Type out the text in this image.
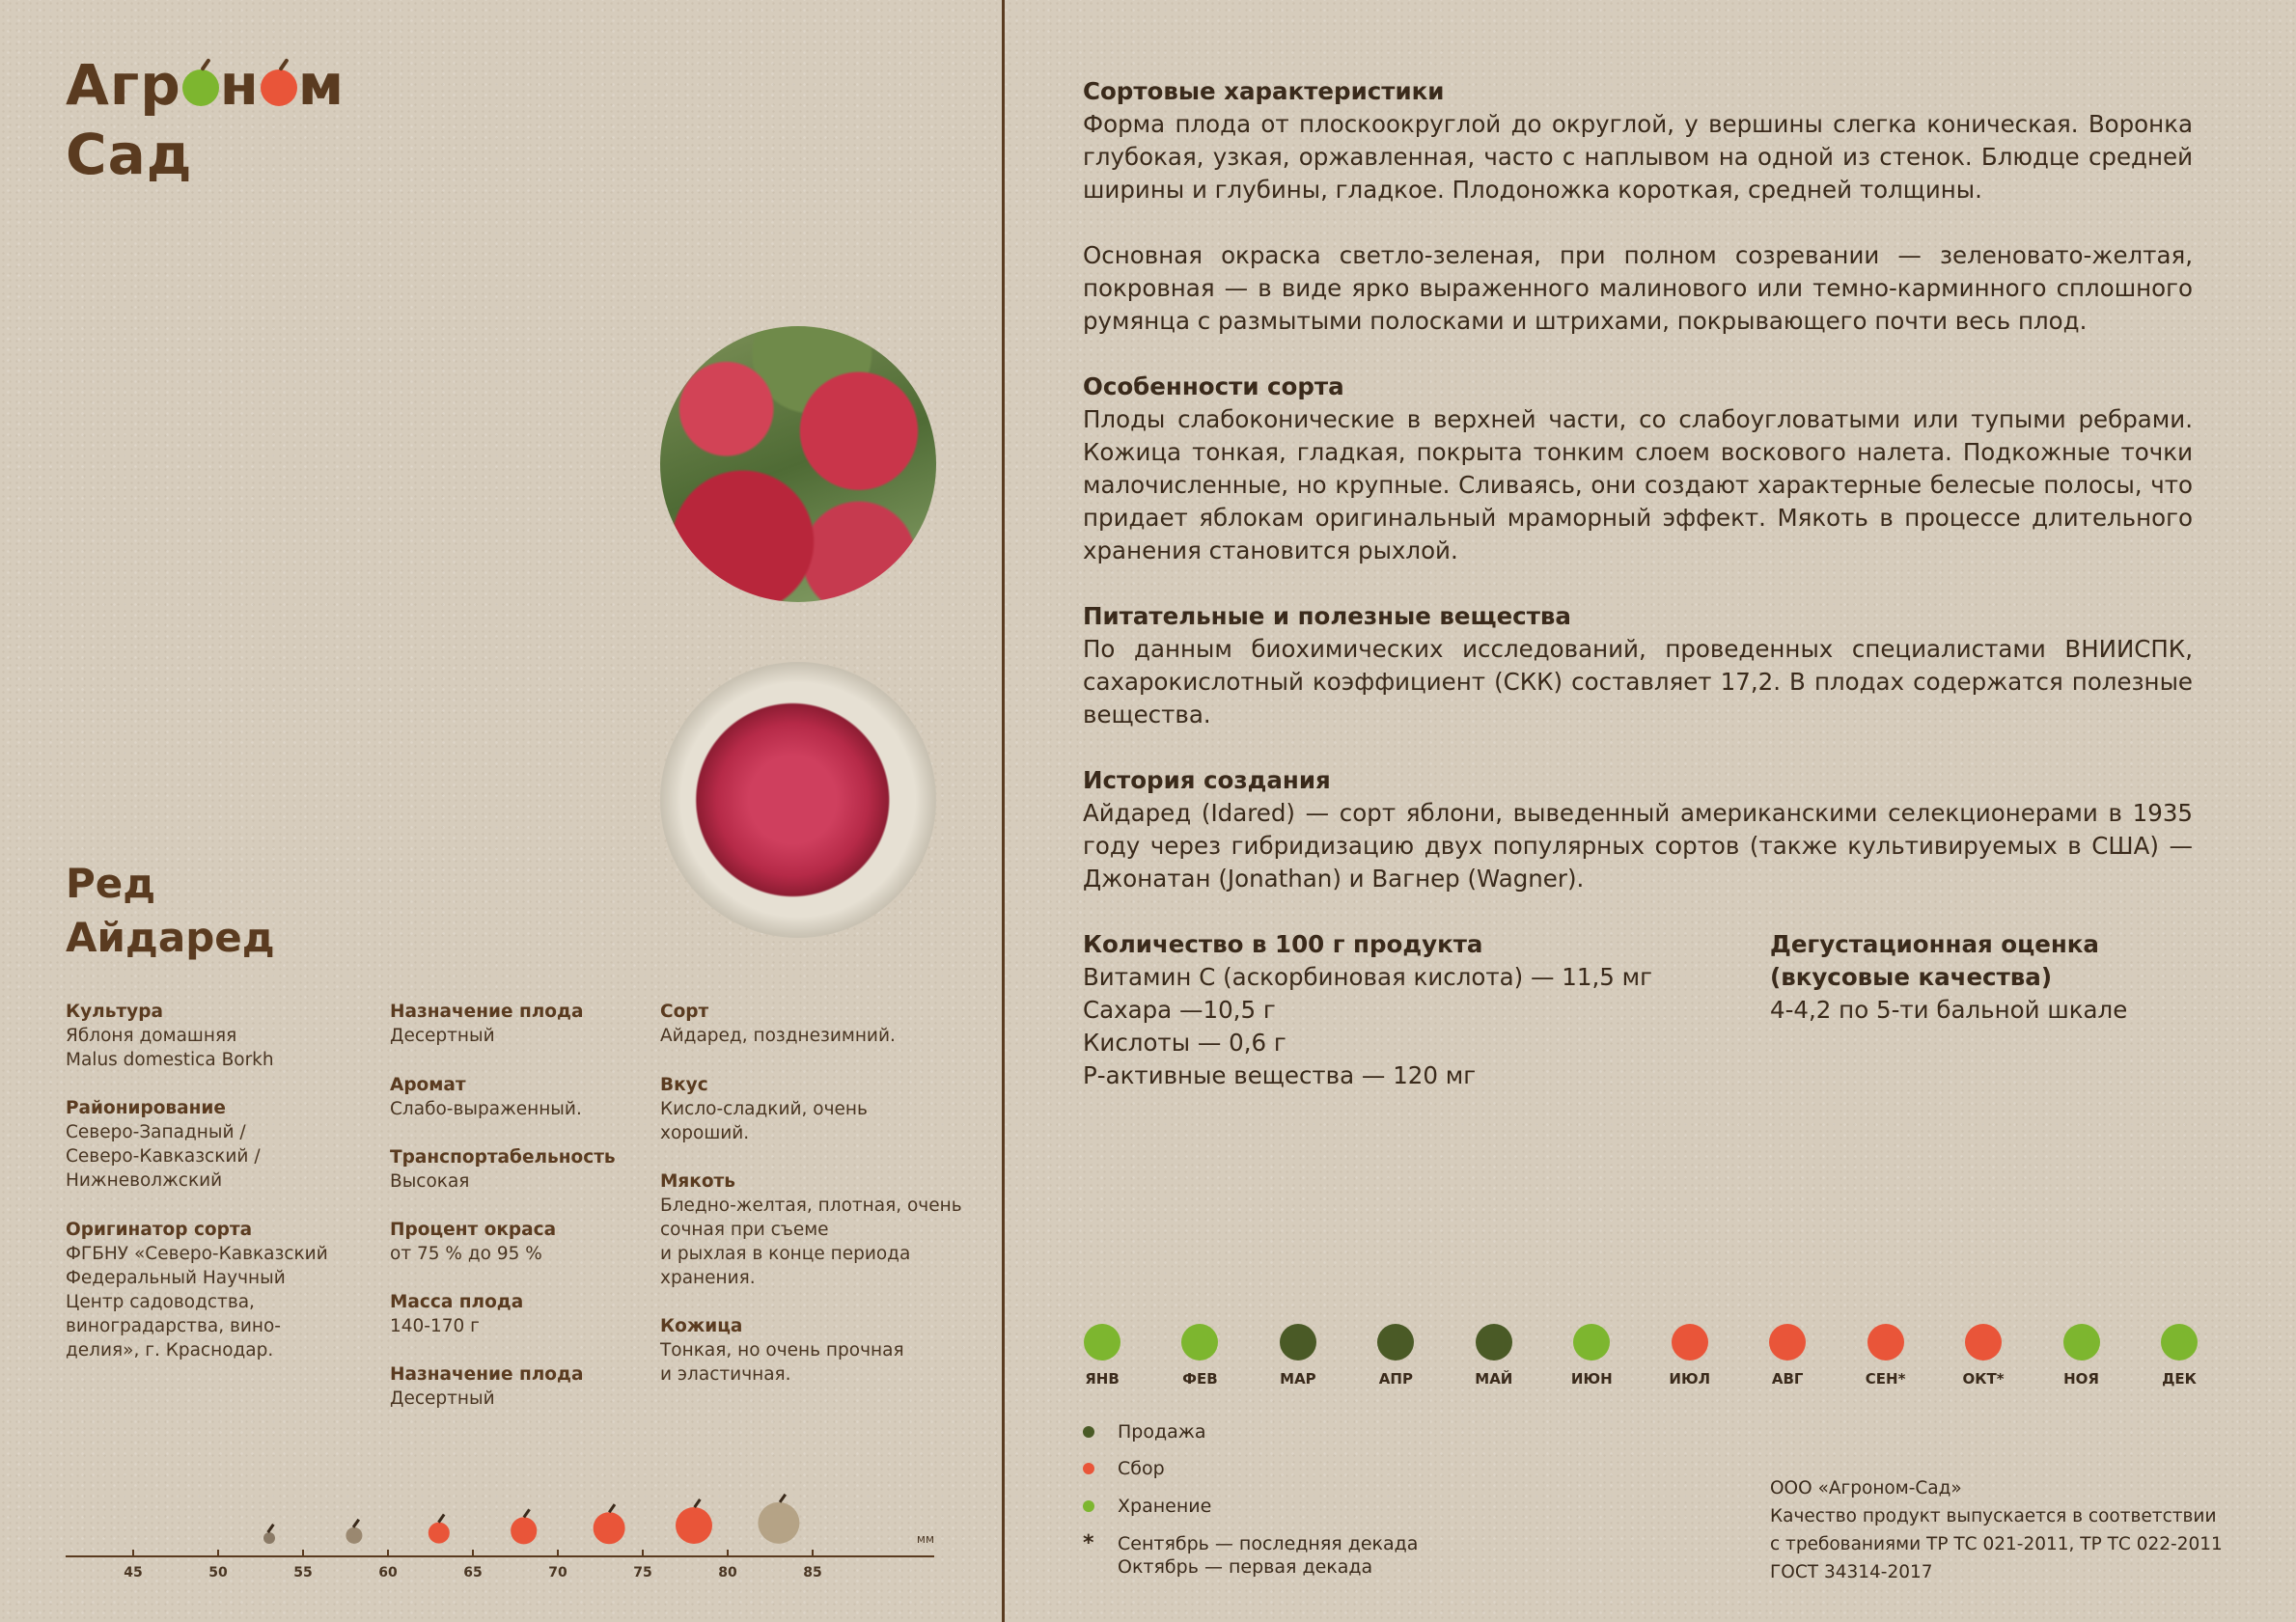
Агр н м
Сад
Ред
Айдаред
Культура
Яблоня домашняя
Malus domestica Borkh
Районирование
Северо-Западный /
Северо-Кавказский /
Нижневолжский
Оригинатор сорта
ФГБНУ «Северо-Кавказский
Федеральный Научный
Центр садоводства,
виноградарства, вино-
делия», г. Краснодар.
Назначение плода
Десертный
Аромат
Слабо-выраженный.
Транспортабельность
Высокая
Процент окраса
от 75 % до 95 %
Масса плода
140-170 г
Назначение плода
Десертный
Сорт
Айдаред, позднезимний.
Вкус
Кисло-сладкий, очень
хороший.
Мякоть
Бледно-желтая, плотная, очень
сочная при съеме
и рыхлая в конце периода
хранения.
Кожица
Тонкая, но очень прочная
и эластичная.
мм
45	50	55	60	65	70	75	80	85
Сортовые характеристики

Форма плода от плоскоокруглой до округлой, у вершины слегка коническая. Воронка глубокая, узкая, оржавленная, часто с наплывом на одной из стенок. Блюдце средней ширины и глубины, гладкое. Плодоножка короткая, средней толщины.

Основная окраска светло-зеленая, при полном созревании — зеленовато-желтая, покровная — в виде ярко выраженного малинового или темно-карминного сплошного румянца с размытыми полосками и штрихами, покрывающего почти весь плод.

Особенности сорта

Плоды слабоконические в верхней части, со слабоугловатыми или тупыми ребрами. Кожица тонкая, гладкая, покрыта тонким слоем воскового налета. Подкожные точки малочисленные, но крупные. Сливаясь, они создают характерные белесые полосы, что придает яблокам оригинальный мраморный эффект. Мякоть в процессе длительного хранения становится рыхлой.

Питательные и полезные вещества

По данным биохимических исследований, проведенных специалистами ВНИИСПК, сахарокислотный коэффициент (СКК) составляет 17,2. В плодах содержатся полезные вещества.

История создания

Айдаред (Idared) — сорт яблони, выведенный американскими селекционерами в 1935 году через гибридизацию двух популярных сортов (также культивируемых в США) — Джонатан (Jonathan) и Вагнер (Wagner).

Количество в 100 г продукта
Витамин С (аскорбиновая кислота) — 11,5 мг
Сахара —10,5 г
Кислоты — 0,6 г
Р-активные вещества — 120 мг
Дегустационная оценка
(вкусовые качества)
4-4,2 по 5-ти бальной шкале
ЯНВ	ФЕВ	МАР	АПР	МАЙ	ИЮН	ИЮЛ	АВГ	СЕН*	ОКТ*	НОЯ	ДЕК
Продажа
Сбор
Хранение
*	Сентябрь — последняя декада
Октябрь — первая декада
ООО «Агроном-Сад»
Качество продукт выпускается в соответствии
с требованиями ТР ТС 021-2011, ТР ТС 022-2011
ГОСТ 34314-2017
